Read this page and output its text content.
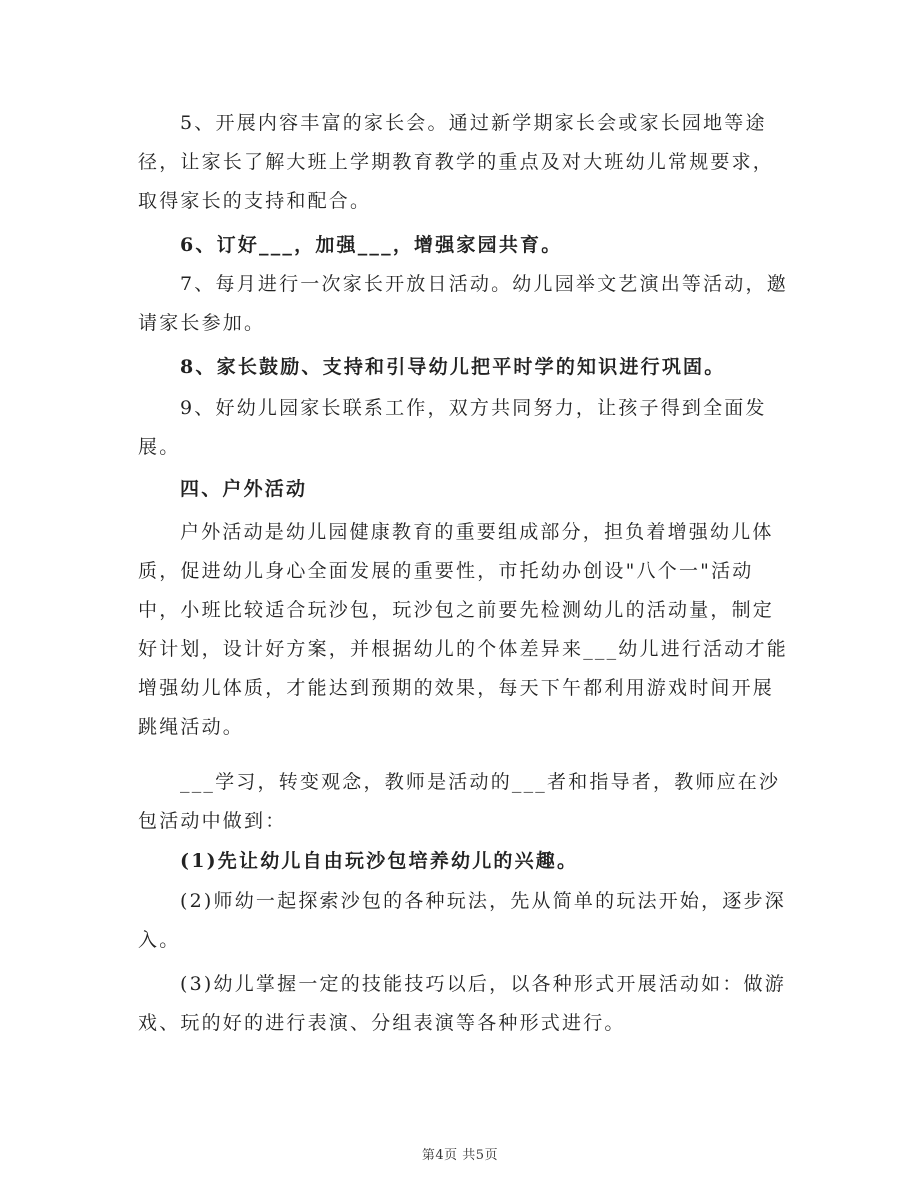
5、开展内容丰富的家长会。通过新学期家长会或家长园地等途径，让家长了解大班上学期教育教学的重点及对大班幼儿常规要求，取得家长的支持和配合。

6、订好___，加强___，增强家园共育。

7、每月进行一次家长开放日活动。幼儿园举文艺演出等活动，邀请家长参加。

8、家长鼓励、支持和引导幼儿把平时学的知识进行巩固。

9、好幼儿园家长联系工作，双方共同努力，让孩子得到全面发展。

四、户外活动

户外活动是幼儿园健康教育的重要组成部分，担负着增强幼儿体质，促进幼儿身心全面发展的重要性，市托幼办创设"八个一"活动中，小班比较适合玩沙包，玩沙包之前要先检测幼儿的活动量，制定好计划，设计好方案，并根据幼儿的个体差异来___幼儿进行活动才能增强幼儿体质，才能达到预期的效果，每天下午都利用游戏时间开展跳绳活动。

___学习，转变观念，教师是活动的___者和指导者，教师应在沙包活动中做到：

(1)先让幼儿自由玩沙包培养幼儿的兴趣。

(2)师幼一起探索沙包的各种玩法，先从简单的玩法开始，逐步深入。

(3)幼儿掌握一定的技能技巧以后，以各种形式开展活动如：做游戏、玩的好的进行表演、分组表演等各种形式进行。

第4页 共5页
